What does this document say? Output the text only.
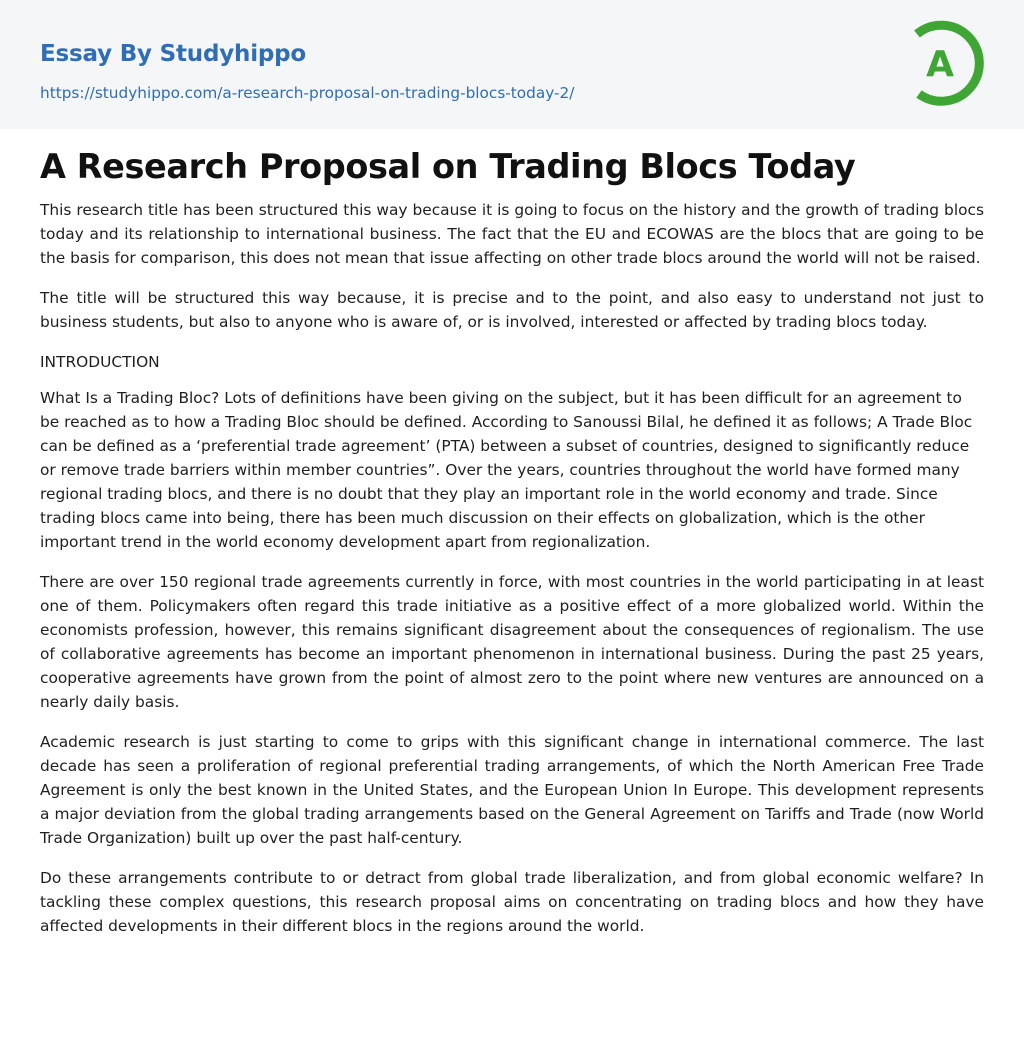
Essay By Studyhippo
https://studyhippo.com/a-research-proposal-on-trading-blocs-today-2/
A
A Research Proposal on Trading Blocs Today

This research title has been structured this way because it is going to focus on the history and the growth of trading blocs today and its relationship to international business. The fact that the EU and ECOWAS are the blocs that are going to be the basis for comparison, this does not mean that issue affecting on other trade blocs around the world will not be raised.

The title will be structured this way because, it is precise and to the point, and also easy to understand not just to business students, but also to anyone who is aware of, or is involved, interested or affected by trading blocs today.

INTRODUCTION

What Is a Trading Bloc? Lots of definitions have been giving on the subject, but it has been difficult for an agreement to be reached as to how a Trading Bloc should be defined. According to Sanoussi Bilal, he defined it as follows; A Trade Bloc can be defined as a ‘preferential trade agreement’ (PTA) between a subset of countries, designed to significantly reduce or remove trade barriers within member countries”. Over the years, countries throughout the world have formed many regional trading blocs, and there is no doubt that they play an important role in the world economy and trade. Since trading blocs came into being, there has been much discussion on their effects on globalization, which is the other important trend in the world economy development apart from regionalization.

There are over 150 regional trade agreements currently in force, with most countries in the world participating in at least one of them. Policymakers often regard this trade initiative as a positive effect of a more globalized world. Within the economists profession, however, this remains significant disagreement about the consequences of regionalism. The use of collaborative agreements has become an important phenomenon in international business. During the past 25 years, cooperative agreements have grown from the point of almost zero to the point where new ventures are announced on a nearly daily basis.

Academic research is just starting to come to grips with this significant change in international commerce. The last decade has seen a proliferation of regional preferential trading arrangements, of which the North American Free Trade Agreement is only the best known in the United States, and the European Union In Europe. This development represents a major deviation from the global trading arrangements based on the General Agreement on Tariffs and Trade (now World Trade Organization) built up over the past half-century.

Do these arrangements contribute to or detract from global trade liberalization, and from global economic welfare? In tackling these complex questions, this research proposal aims on concentrating on trading blocs and how they have affected developments in their different blocs in the regions around the world.
